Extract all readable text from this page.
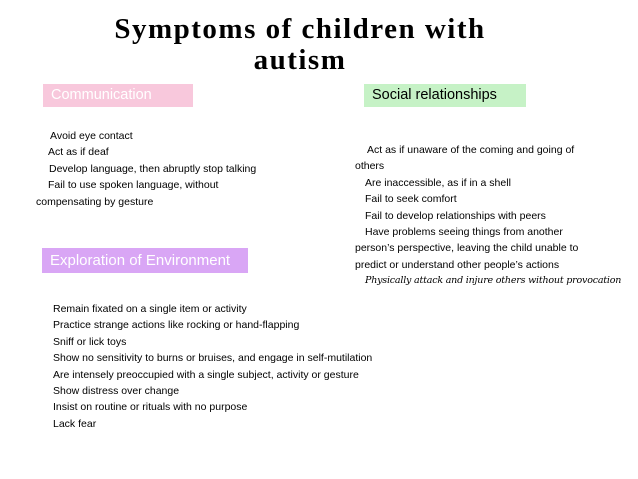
Symptoms of children with
autism
Communication	Social relationships
Exploration of Environment
Avoid eye contact
Act as if deaf
Develop language, then abruptly stop talking
Fail to use spoken language, without
compensating by gesture
Act as if unaware of the coming and going of
others
Are inaccessible, as if in a shell
Fail to seek comfort
Fail to develop relationships with peers
Have problems seeing things from another
person’s perspective, leaving the child unable to
predict or understand other people’s actions
Physically attack and injure others without provocation
Remain fixated on a single item or activity
Practice strange actions like rocking or hand-flapping
Sniff or lick toys
Show no sensitivity to burns or bruises, and engage in self-mutilation
Are intensely preoccupied with a single subject, activity or gesture
Show distress over change
Insist on routine or rituals with no purpose
Lack fear
